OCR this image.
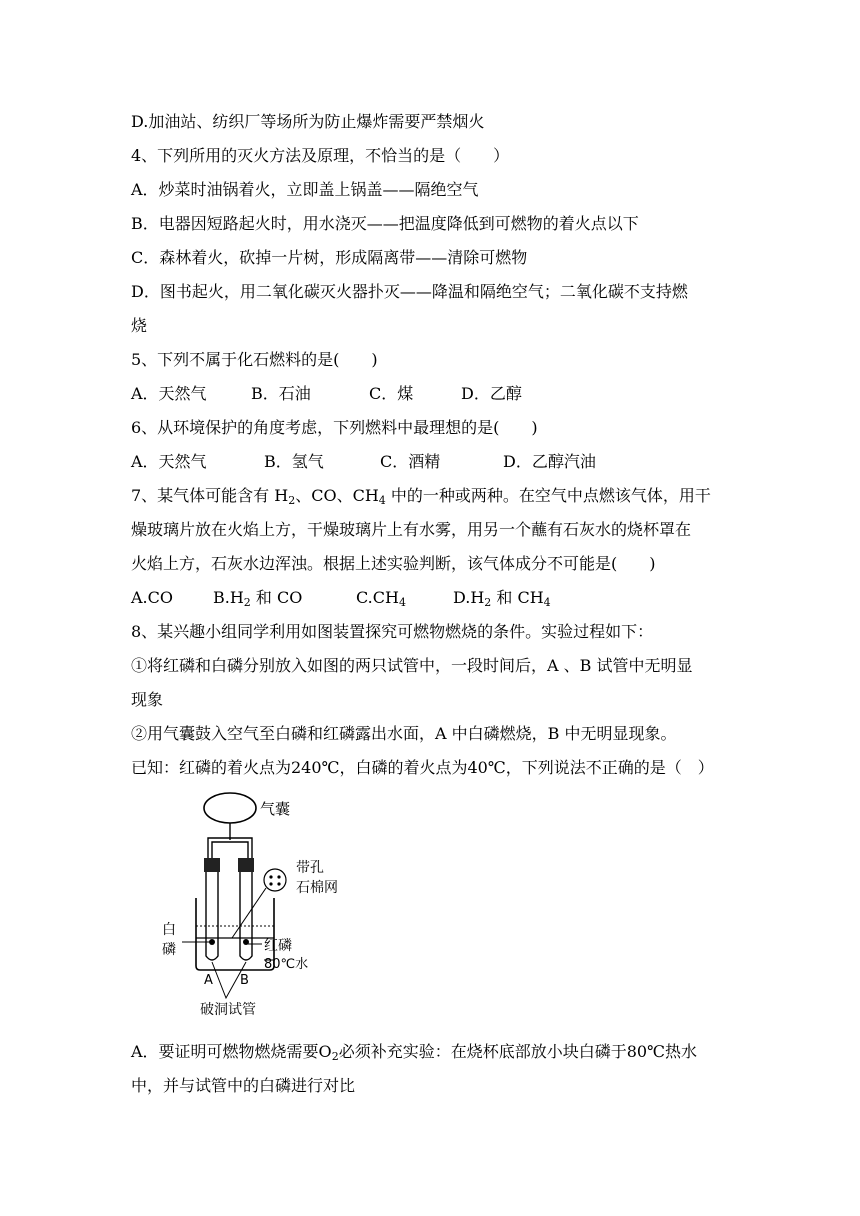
D.加油站、纺织厂等场所为防止爆炸需要严禁烟火
4、下列所用的灭火方法及原理，不恰当的是（　　）
A．炒菜时油锅着火，立即盖上锅盖——隔绝空气
B．电器因短路起火时，用水浇灭——把温度降低到可燃物的着火点以下
C．森林着火，砍掉一片树，形成隔离带——清除可燃物
D．图书起火，用二氧化碳灭火器扑灭——降温和隔绝空气；二氧化碳不支持燃
烧
5、下列不属于化石燃料的是(　　)
A．天然气	B．石油	C．煤	D．乙醇
6、从环境保护的角度考虑，下列燃料中最理想的是(　　)
A．天然气	B．氢气	C．酒精	D．乙醇汽油
7、某气体可能含有 $H_2$、CO、$CH_4$ 中的一种或两种。在空气中点燃该气体，用干
燥玻璃片放在火焰上方，干燥玻璃片上有水雾，用另一个蘸有石灰水的烧杯罩在
火焰上方，石灰水边浑浊。根据上述实验判断，该气体成分不可能是(　　)
A.CO	$B.H_2$ 和 CO	$C.CH_4$	$D.H_2$ 和 $CH_4$
8、某兴趣小组同学利用如图装置探究可燃物燃烧的条件。实验过程如下：
①将红磷和白磷分别放入如图的两只试管中，一段时间后，A 、B 试管中无明显
现象
②用气囊鼓入空气至白磷和红磷露出水面，A 中白磷燃烧，B 中无明显现象。
已知：红磷的着火点为240℃，白磷的着火点为40℃，下列说法不正确的是（　）
气囊
带孔
石棉网
白
磷	红磷
80℃水
A B
破洞试管
A．要证明可燃物燃烧需要$O_2$必须补充实验：在烧杯底部放小块白磷于80℃热水
中，并与试管中的白磷进行对比
